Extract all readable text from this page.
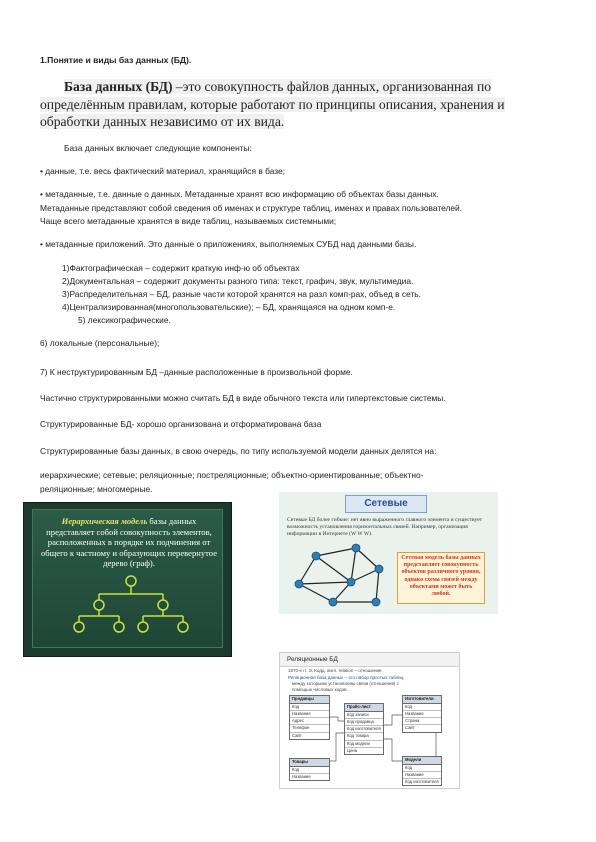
1.Понятие и виды баз данных (БД).
База данных (БД) –это совокупность файлов данных, организованная по определённым правилам, которые работают по принципы описания, хранения и обработки данных независимо от их вида.
База данных включает следующие компоненты:
• данные, т.е. весь фактический материал, хранящийся в базе;
• метаданные, т.е. данные о данных. Метаданные хранят всю информацию об объектах базы данных.
Метаданные представляют собой сведения об именах и структуре таблиц, именах и правах пользователей.
Чаще всего метаданные хранятся в виде таблиц, называемых системными;
• метаданные приложений. Это данные о приложениях, выполняемых СУБД над данными базы.
1)Фактографическая – содержит краткую инф-ю об объектах
2)Документальная – содержит документы разного типа: текст, графич, звук, мультимедиа.
3)Распределительная – БД, разные части которой хранятся на разл комп-рах, объед в сеть.
4)Централизированная(многопользовательские); – БД, хранящаяся на одном комп-е.
5) лексикографические.
6) локальные (персональные);
7) К неструктурированным БД –данные расположенные в произвольной форме.
Частично структурированными можно считать БД в виде обычного текста или гипертекстовые системы.
Структурированные БД- хорошо организована и отформатирована база
Структурированные базы данных, в свою очередь, по типу используемой модели данных делятся на:
иерархические; сетевые; реляционные; постреляционные; объектно-ориентированные; объектно-
реляционные; многомерные.
Иерархическая модель базы данных представляет собой совокупность элементов, расположенных в порядке их подчинения от общего к частному и образующих перевернутое дерево (граф).
Сетевые
Сетевые БД более гибкие: нет явно выраженного главного элемента и существует возможность установления горизонтальных связей. Например, организация информации в Интернете (W W W).
Сетевая модель базы данных представляет совокупность объектов различного уровня, однако схема связей между объектами может быть любой.
Реляционные БД
1970-е гг. Э. Кодд, англ. relation – отношение.
Реляционная база данных – это набор простых таблиц,
между которыми установлены связи (отношения) с
помощью числовых кодов.
Продавцы
Код
Название
Адрес
Телефон
Сайт
Прайс-лист
Код записи
Код продавца
Код изготовителя
Код товара
Код модели
Цена
Изготовители
Код
Название
Страна
Сайт
Товары
Код
Название
Модели
Код
Название
Код изготовителя
